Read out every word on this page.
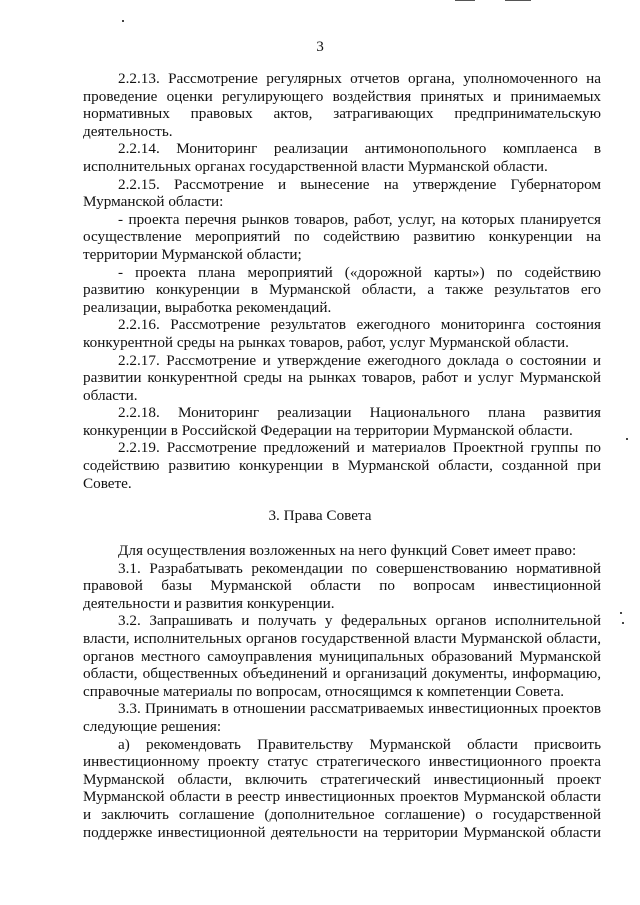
3

2.2.13. Рассмотрение регулярных отчетов органа, уполномоченного на проведение оценки регулирующего воздействия принятых и принимаемых нормативных правовых актов, затрагивающих предпринимательскую деятельность.
2.2.14. Мониторинг реализации антимонопольного комплаенса в исполнительных органах государственной власти Мурманской области.
2.2.15. Рассмотрение и вынесение на утверждение Губернатором Мурманской области:
- проекта перечня рынков товаров, работ, услуг, на которых планируется осуществление мероприятий по содействию развитию конкуренции на территории Мурманской области;
- проекта плана мероприятий («дорожной карты») по содействию развитию конкуренции в Мурманской области, а также результатов его реализации, выработка рекомендаций.
2.2.16. Рассмотрение результатов ежегодного мониторинга состояния конкурентной среды на рынках товаров, работ, услуг Мурманской области.
2.2.17. Рассмотрение и утверждение ежегодного доклада о состоянии и развитии конкурентной среды на рынках товаров, работ и услуг Мурманской области.
2.2.18. Мониторинг реализации Национального плана развития конкуренции в Российской Федерации на территории Мурманской области.
2.2.19. Рассмотрение предложений и материалов Проектной группы по содействию развитию конкуренции в Мурманской области, созданной при Совете.

3. Права Совета

Для осуществления возложенных на него функций Совет имеет право:
3.1. Разрабатывать рекомендации по совершенствованию нормативной правовой базы Мурманской области по вопросам инвестиционной деятельности и развития конкуренции.
3.2. Запрашивать и получать у федеральных органов исполнительной власти, исполнительных органов государственной власти Мурманской области, органов местного самоуправления муниципальных образований Мурманской области, общественных объединений и организаций документы, информацию, справочные материалы по вопросам, относящимся к компетенции Совета.
3.3. Принимать в отношении рассматриваемых инвестиционных проектов следующие решения:
а) рекомендовать Правительству Мурманской области присвоить инвестиционному проекту статус стратегического инвестиционного проекта Мурманской области, включить стратегический инвестиционный проект Мурманской области в реестр инвестиционных проектов Мурманской области и заключить соглашение (дополнительное соглашение) о государственной поддержке инвестиционной деятельности на территории Мурманской области
